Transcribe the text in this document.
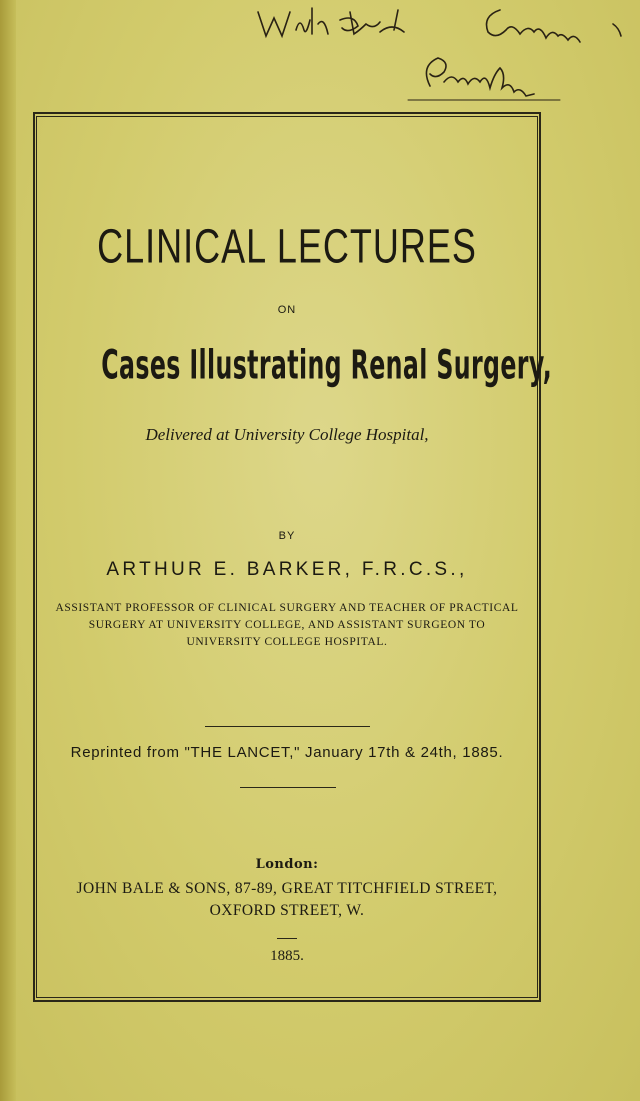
CLINICAL LECTURES
ON
Cases Illustrating Renal Surgery,
Delivered at University College Hospital,
BY
ARTHUR E. BARKER, F.R.C.S.,
ASSISTANT PROFESSOR OF CLINICAL SURGERY AND TEACHER OF PRACTICAL
SURGERY AT UNIVERSITY COLLEGE, AND ASSISTANT SURGEON TO
UNIVERSITY COLLEGE HOSPITAL.
Reprinted from "THE LANCET," January 17th & 24th, 1885.
London:
JOHN BALE & SONS, 87-89, GREAT TITCHFIELD STREET,
OXFORD STREET, W.
1885.
